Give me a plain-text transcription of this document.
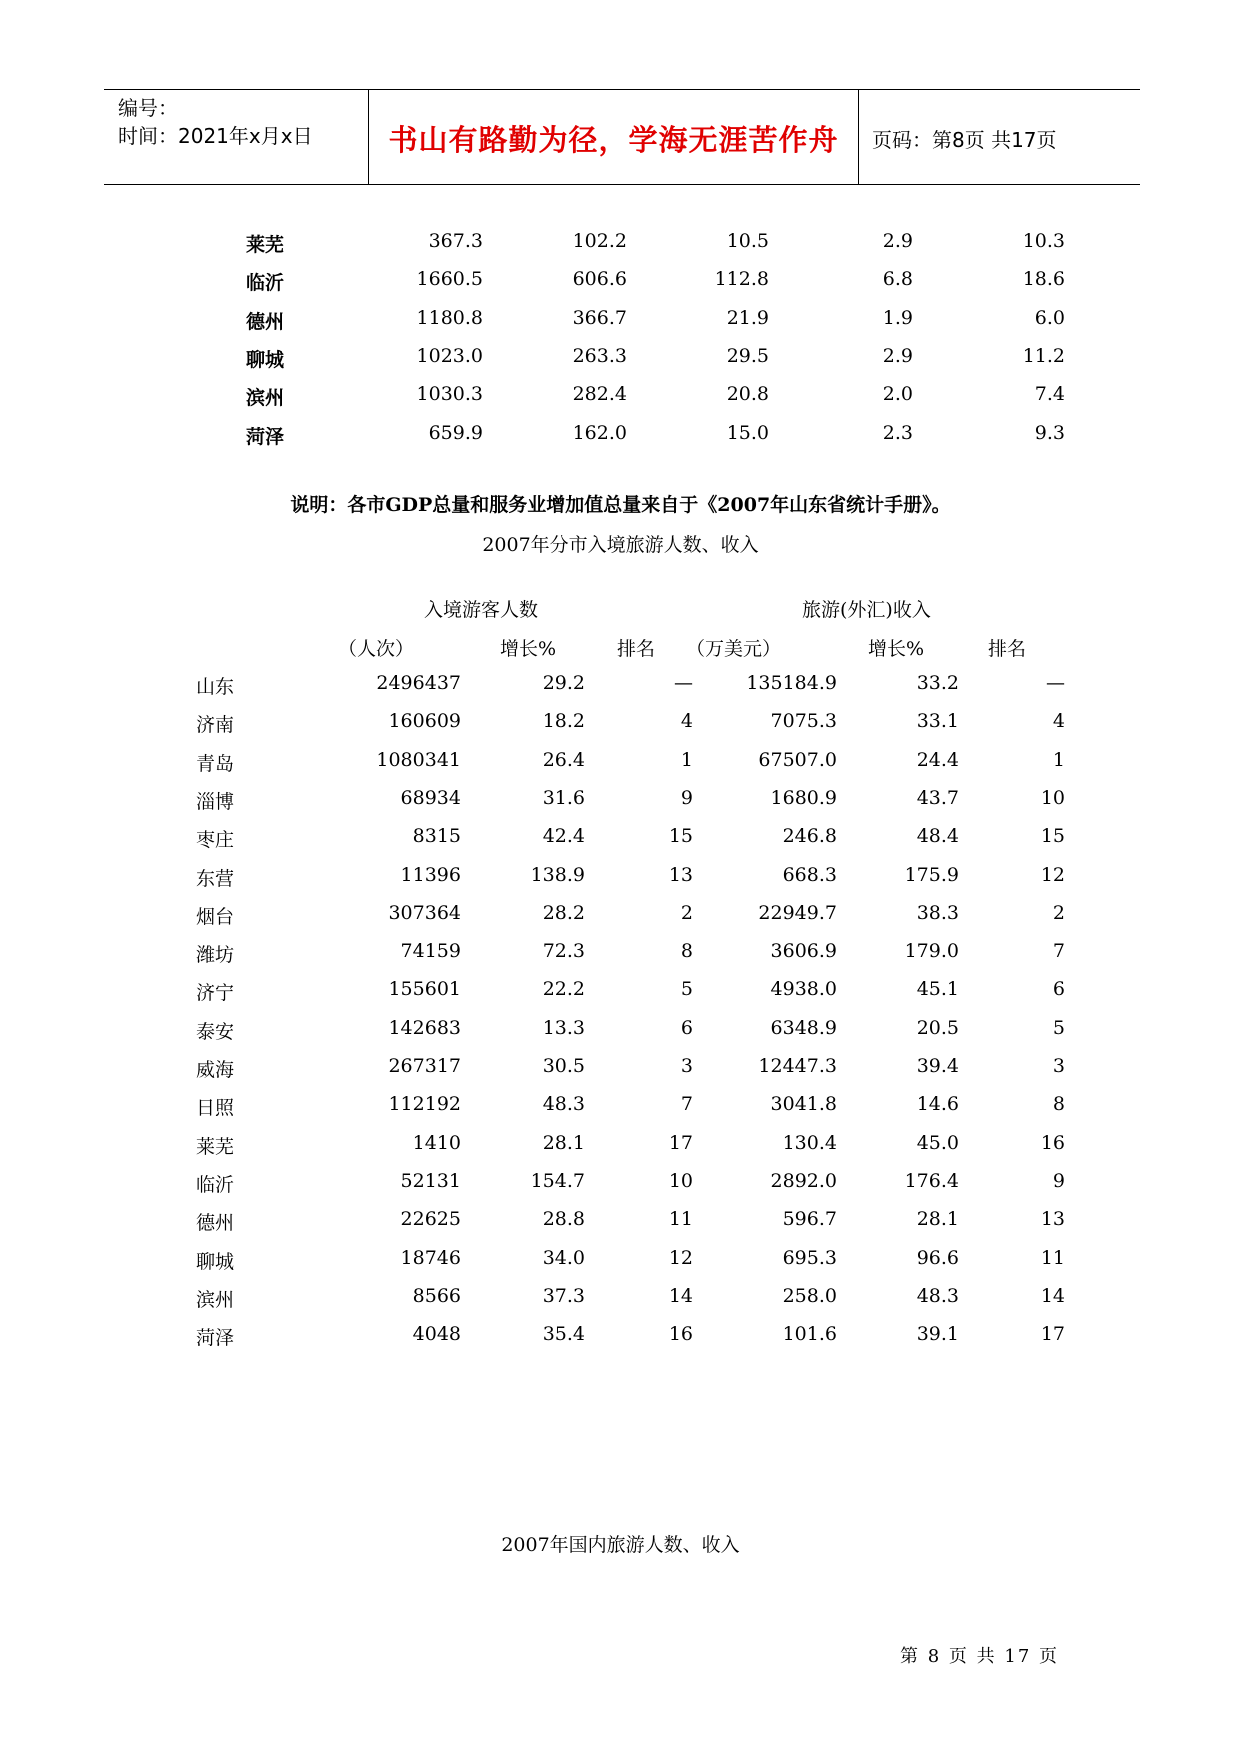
编号：
时间：2021年x月x日	书山有路勤为径，学海无涯苦作舟	页码：第8页 共17页
莱芜	367.3	102.2	10.5	2.9	10.3
临沂	1660.5	606.6	112.8	6.8	18.6
德州	1180.8	366.7	21.9	1.9	6.0
聊城	1023.0	263.3	29.5	2.9	11.2
滨州	1030.3	282.4	20.8	2.0	7.4
菏泽	659.9	162.0	15.0	2.3	9.3
说明：各市GDP总量和服务业增加值总量来自于《2007年山东省统计手册》。
2007年分市入境旅游人数、收入
入境游客人数	旅游(外汇)收入
（人次）	增长%	排名 （万美元）	增长%	排名
山东	2496437	29.2	—	135184.9	33.2	—
济南	160609	18.2	4	7075.3	33.1	4
青岛	1080341	26.4	1	67507.0	24.4	1
淄博	68934	31.6	9	1680.9	43.7	10
枣庄	8315	42.4	15	246.8	48.4	15
东营	11396	138.9	13	668.3	175.9	12
烟台	307364	28.2	2	22949.7	38.3	2
潍坊	74159	72.3	8	3606.9	179.0	7
济宁	155601	22.2	5	4938.0	45.1	6
泰安	142683	13.3	6	6348.9	20.5	5
威海	267317	30.5	3	12447.3	39.4	3
日照	112192	48.3	7	3041.8	14.6	8
莱芜	1410	28.1	17	130.4	45.0	16
临沂	52131	154.7	10	2892.0	176.4	9
德州	22625	28.8	11	596.7	28.1	13
聊城	18746	34.0	12	695.3	96.6	11
滨州	8566	37.3	14	258.0	48.3	14
菏泽	4048	35.4	16	101.6	39.1	17
2007年国内旅游人数、收入
第 8 页 共 17 页
